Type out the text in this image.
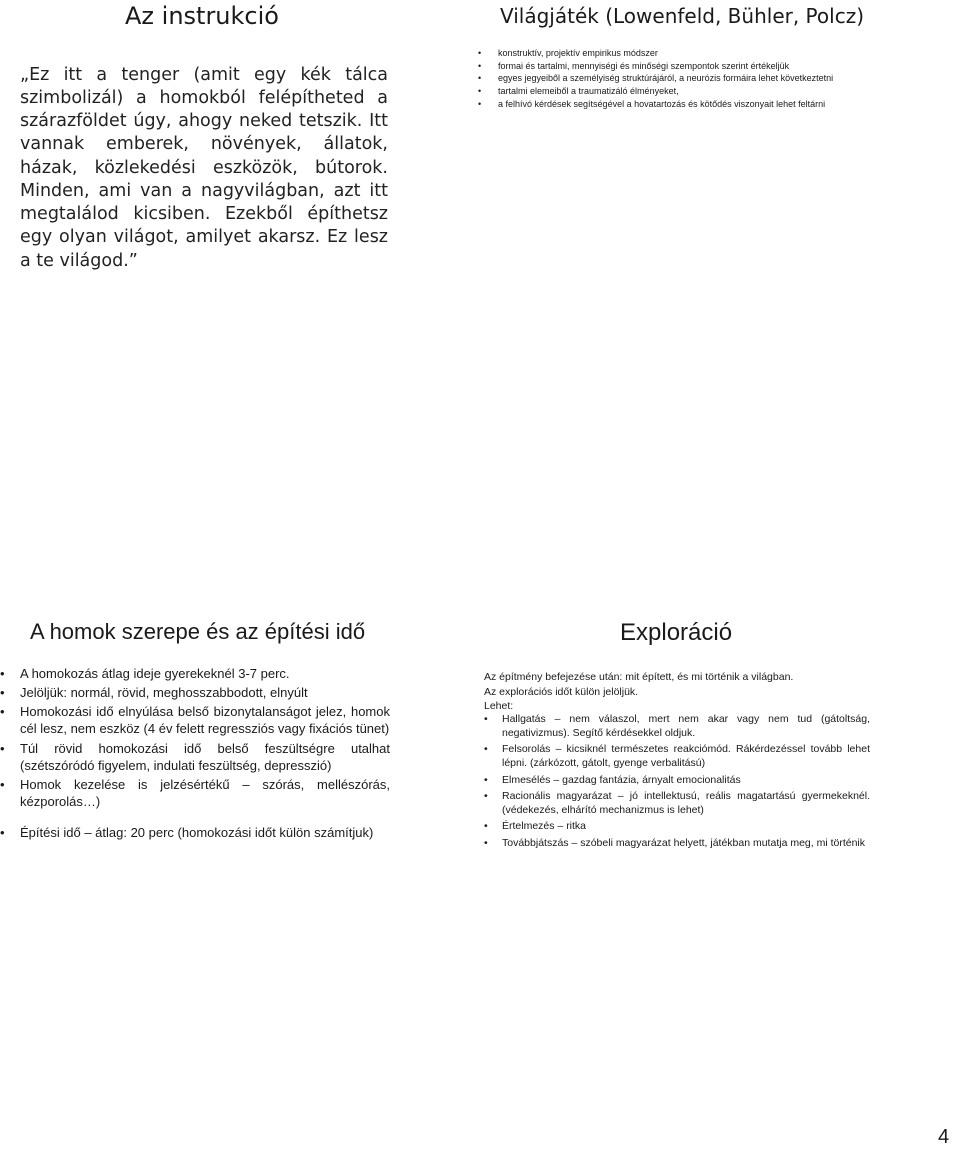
Az instrukció

„Ez itt a tenger (amit egy kék tálca szimbolizál) a homokból felépítheted a szárazföldet úgy, ahogy neked tetszik. Itt vannak emberek, növények, állatok, házak, közlekedési eszközök, bútorok. Minden, ami van a nagyvilágban, azt itt megtalálod kicsiben. Ezekből építhetsz egy olyan világot, amilyet akarsz. Ez lesz a te világod.”

Világjáték (Lowenfeld, Bühler, Polcz)
• konstruktív, projektív empirikus módszer
• formai és tartalmi, mennyiségi és minőségi szempontok szerint értékeljük
• egyes jegyeiből a személyiség struktúrájáról, a neurózis formáira lehet következtetni
• tartalmi elemeiből a traumatizáló élményeket,
• a felhívó kérdések segítségével a hovatartozás és kötődés viszonyait lehet feltárni
A homok szerepe és az építési idő
• A homokozás átlag ideje gyerekeknél 3-7 perc.
• Jelöljük: normál, rövid, meghosszabbodott, elnyúlt
• Homokozási idő elnyúlása belső bizonytalanságot jelez, homok cél lesz, nem eszköz (4 év felett regressziós vagy fixációs tünet)
• Túl rövid homokozási idő belső feszültségre utalhat (szétszóródó figyelem, indulati feszültség, depresszió)
• Homok kezelése is jelzésértékű – szórás, mellészórás, kézporolás…)
• Építési idő – átlag: 20 perc (homokozási időt külön számítjuk)
Exploráció
Az építmény befejezése után: mit épített, és mi történik a világban.
Az explorációs időt külön jelöljük.
Lehet:
• Hallgatás – nem válaszol, mert nem akar vagy nem tud (gátoltság, negativizmus). Segítő kérdésekkel oldjuk.
• Felsorolás – kicsiknél természetes reakciómód. Rákérdezéssel tovább lehet lépni. (zárkózott, gátolt, gyenge verbalitású)
• Elmesélés – gazdag fantázia, árnyalt emocionalitás
• Racionális magyarázat – jó intellektusú, reális magatartású gyermekeknél. (védekezés, elhárító mechanizmus is lehet)
• Értelmezés – ritka
• Továbbjátszás – szóbeli magyarázat helyett, játékban mutatja meg, mi történik
4
